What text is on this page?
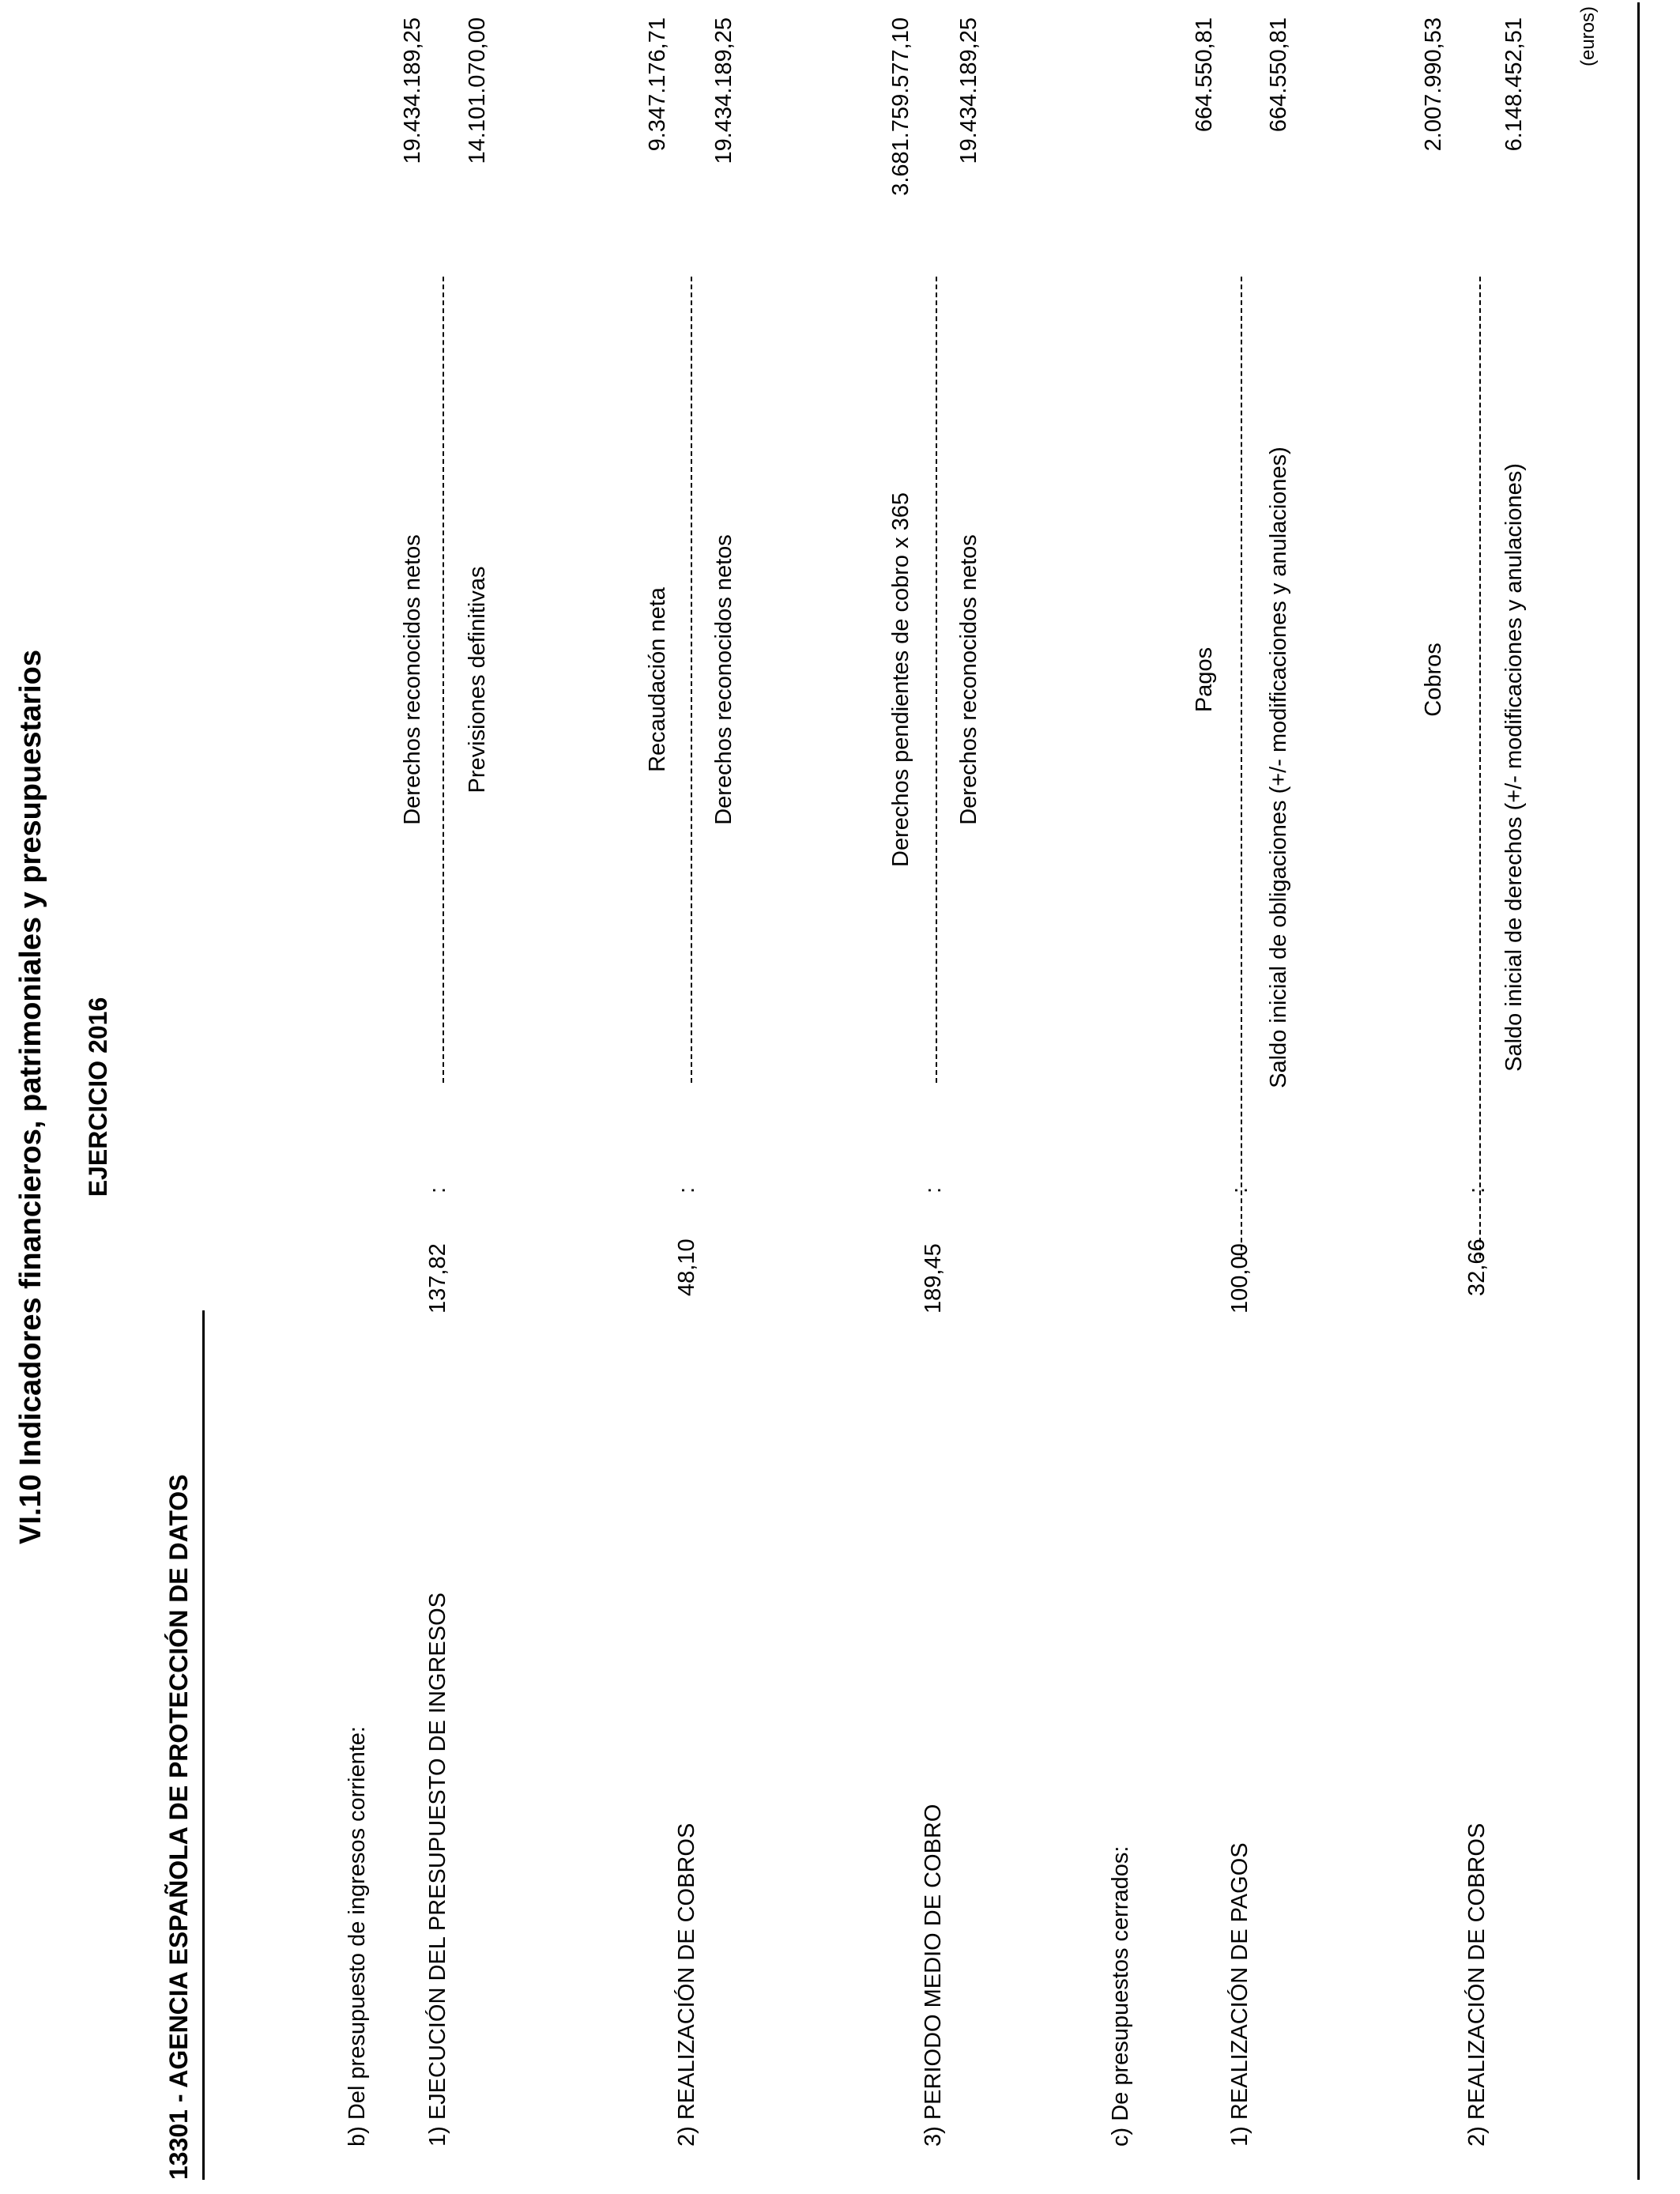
VI.10 Indicadores financieros, patrimoniales y presupuestarios EJERCICIO 2016
13301 - AGENCIA ESPAÑOLA DE PROTECCIÓN DE DATOS
(euros)
b) Del presupuesto de ingresos corriente: 1) EJECUCIÓN DEL PRESUPUESTO DE INGRESOS
137,82
:
Derechos reconocidos netos Previsiones definitivas
19.434.189,25 14.101.070,00
2) REALIZACIÓN DE COBROS
48,10
:
Recaudación neta Derechos reconocidos netos
9.347.176,71 19.434.189,25
3) PERIODO MEDIO DE COBRO
189,45
:
Derechos pendientes de cobro x 365 Derechos reconocidos netos
3.681.759.577,10 19.434.189,25
c) De presupuestos cerrados:	1) REALIZACIÓN DE PAGOS
100,00
:
Pagos Saldo inicial de obligaciones (+/- modificaciones y anulaciones)
664.550,81 664.550,81
2) REALIZACIÓN DE COBROS
32,66
:
Cobros Saldo inicial de derechos (+/- modificaciones y anulaciones)
2.007.990,53 6.148.452,51
